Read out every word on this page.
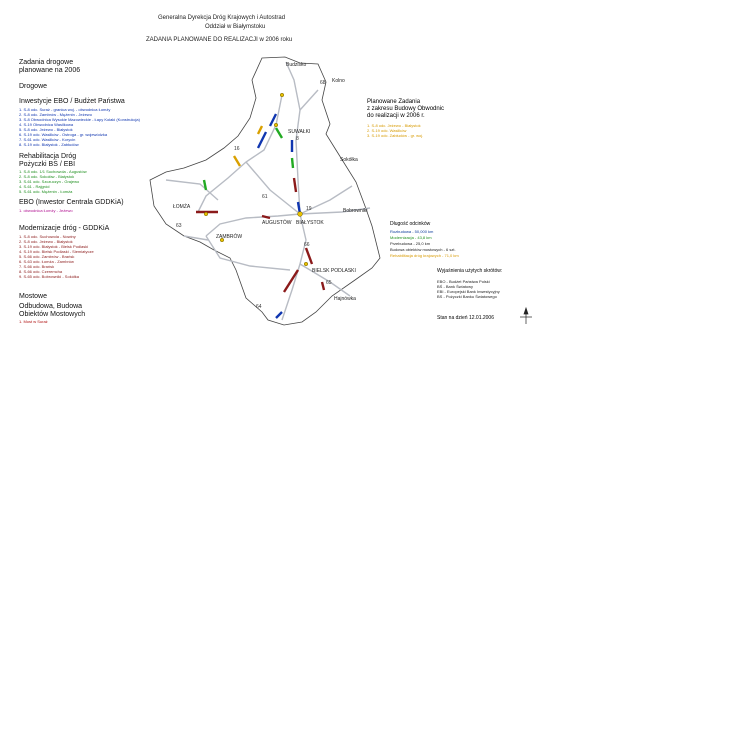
Generalna Dyrekcja Dróg Krajowych i Autostrad
Oddział w Białymstoku
ZADANIA PLANOWANE DO REALIZACJI w 2006 roku
Zadania drogowe
planowane na 2006
Drogowe
Inwestycje EBO / Budżet Państwa
1. S-8 odc. Suraż - granica woj. - obwodnica Łomży
2. S-8 odc. Zambrów - Mężenin - Jeżewo
3. S-8 Obwodnica Wysokie Mazowieckie - Łapy Kołaki (Konstrukcja)
4. S-19 Obwodnica Wasilkowa
5. S-8 odc. Jeżewo - Białystok
6. S-19 odc. Wasilków - Ostroga - gr. wojewódzka
7. S-61 odc. Wasilków - Korycin
8. S-19 odc. Białystok - Zabłudów
Rehabilitacja Dróg
Pożyczki BŚ / EBI
1. S-8 odc. 1/1 Suchowola - Augustów
2. S-8 odc. Sokołów - Białystok
3. S-61 odc. Szczuczyn - Grajewo
4. S-61 - Rajgród
5. S-61 odc. Mężenin - Łomża
EBO (Inwestor Centrala GDDKiA)
1. obwodnica Łomży - Jeżewo
Modernizacje dróg - GDDKiA
1. S-8 odc. Suchowola - Nowiny
2. S-8 odc. Jeżewo - Białystok
3. S-19 odc. Białystok - Bielsk Podlaski
4. S-19 odc. Bielsk Podlaski - Siemiatycze
5. S-66 odc. Zambrów - Brańsk
6. S-63 odc. Łomża - Zambrów
7. S-66 odc. Brańsk
8. S-66 odc. Czeremcha
9. S-65 odc. Bobrowniki - Sokółka
Mostowe
Odbudowa, Budowa
Obiektów Mostowych
1. Most w Suraż
Planowane Zadania
z zakresu Budowy Obwodnic
do realizacji w 2006 r.
1. S-8 odc. Jeżewo - Białystok
2. S-19 odc. Wasilków
3. S-19 odc. Zabłudów - gr. woj.
Długość odcinków
Rozbudowa - 50,000 km
Modernizacja - 43,8 km
Przebudowa - 25,0 km
Budowa obiektów mostowych - 6 szt.
Rehabilitacja dróg krajowych - 71,0 km
Wyjaśnienia użytych skrótów:
EBO - Budżet Państwa Polski
BŚ - Bank Światowy
EBI - Europejski Bank Inwestycyjny
BS - Pożyczki Banku Światowego
Stan na dzień 12.01.2006
Budzisko
Kolno
SUWAŁKI
Sokółka
Bobrowniki
ŁOMŻA
ZAMBRÓW
AUGUSTÓW BIAŁYSTOK
BIELSK PODLASKI
Hajnówka
8
19
61
63
65
66
16
68
64
